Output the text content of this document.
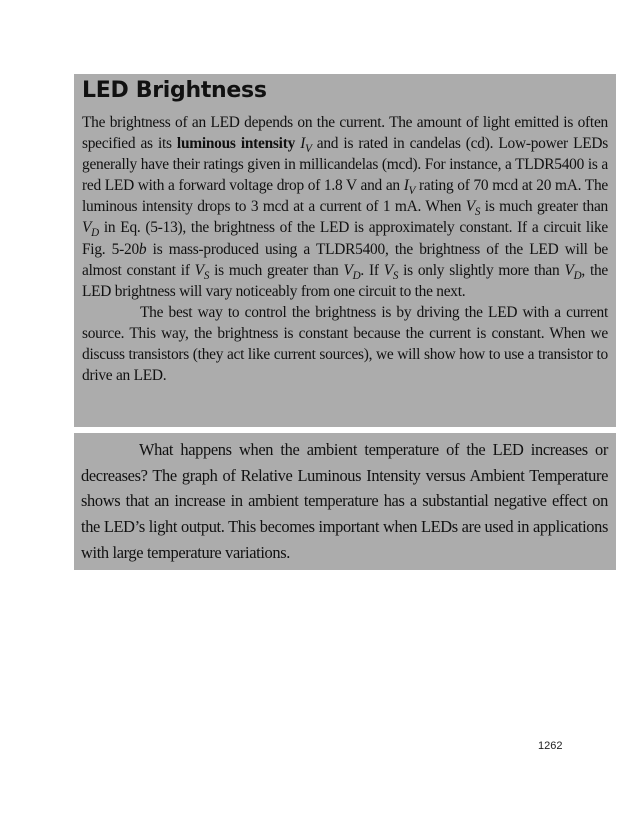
LED Brightness

The brightness of an LED depends on the current. The amount of light emitted is often specified as its luminous intensity $I_V$ and is rated in candelas (cd). Low-power LEDs generally have their ratings given in millicandelas (mcd). For instance, a TLDR5400 is a red LED with a forward voltage drop of 1.8 V and an $I_V$ rating of 70 mcd at 20 mA. The luminous intensity drops to 3 mcd at a current of 1 mA. When $V_S$ is much greater than $V_D$ in Eq. (5-13), the brightness of the LED is approximately constant. If a circuit like Fig. 5-20b is mass-produced using a TLDR5400, the brightness of the LED will be almost constant if $V_S$ is much greater than $V_D$. If $V_S$ is only slightly more than $V_D$, the LED brightness will vary noticeably from one circuit to the next.

The best way to control the brightness is by driving the LED with a current source. This way, the brightness is constant because the current is constant. When we discuss transistors (they act like current sources), we will show how to use a transistor to drive an LED.

What happens when the ambient temperature of the LED increases or decreases? The graph of Relative Luminous Intensity versus Ambient Temperature shows that an increase in ambient temperature has a substantial negative effect on the LED’s light output. This becomes important when LEDs are used in applications with large temperature variations.

1262
